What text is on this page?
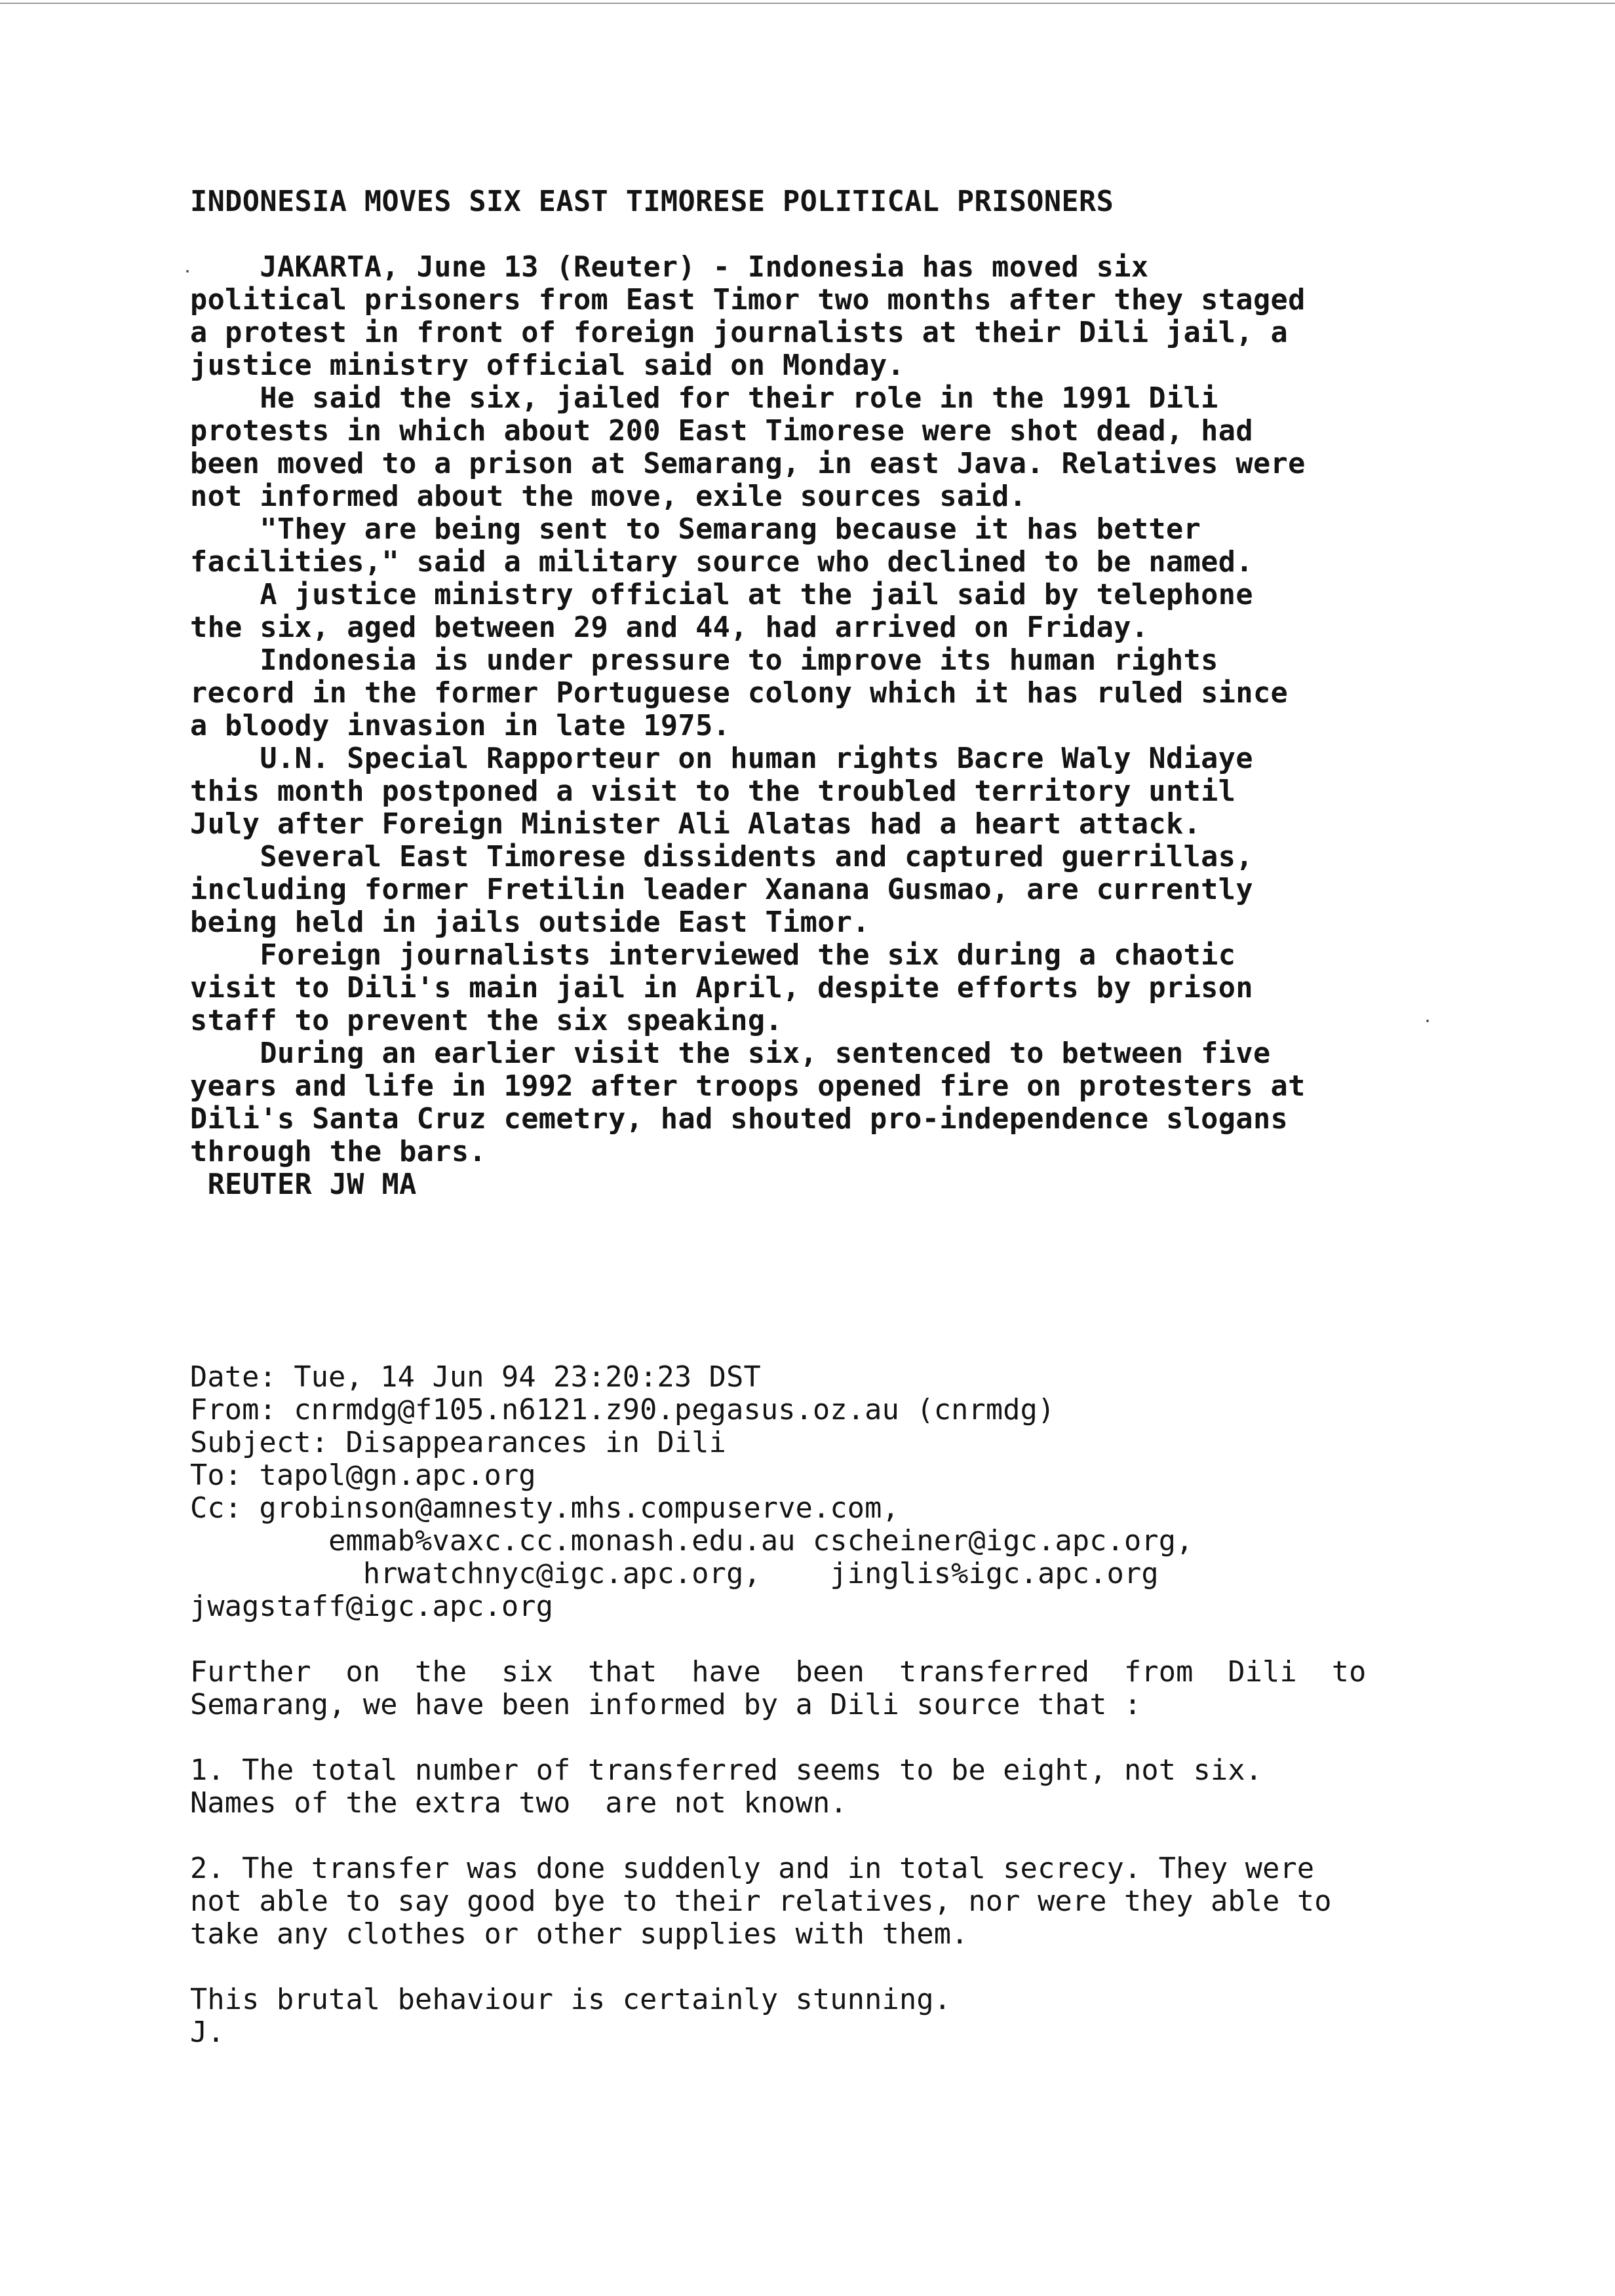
INDONESIA MOVES SIX EAST TIMORESE POLITICAL PRISONERS

JAKARTA, June 13 (Reuter) - Indonesia has moved six

political prisoners from East Timor two months after they staged

a protest in front of foreign journalists at their Dili jail, a

justice ministry official said on Monday.

He said the six, jailed for their role in the 1991 Dili

protests in which about 200 East Timorese were shot dead, had

been moved to a prison at Semarang, in east Java. Relatives were

not informed about the move, exile sources said.

"They are being sent to Semarang because it has better

facilities," said a military source who declined to be named.

A justice ministry official at the jail said by telephone

the six, aged between 29 and 44, had arrived on Friday.

Indonesia is under pressure to improve its human rights

record in the former Portuguese colony which it has ruled since

a bloody invasion in late 1975.

U.N. Special Rapporteur on human rights Bacre Waly Ndiaye

this month postponed a visit to the troubled territory until

July after Foreign Minister Ali Alatas had a heart attack.

Several East Timorese dissidents and captured guerrillas,

including former Fretilin leader Xanana Gusmao, are currently

being held in jails outside East Timor.

Foreign journalists interviewed the six during a chaotic

visit to Dili's main jail in April, despite efforts by prison

staff to prevent the six speaking.

During an earlier visit the six, sentenced to between five

years and life in 1992 after troops opened fire on protesters at

Dili's Santa Cruz cemetry, had shouted pro-independence slogans

through the bars.

REUTER JW MA

Date: Tue, 14 Jun 94 23:20:23 DST

From: cnrmdg@f105.n6121.z90.pegasus.oz.au (cnrmdg)

Subject: Disappearances in Dili

To: tapol@gn.apc.org

Cc: grobinson@amnesty.mhs.compuserve.com,

emmab%vaxc.cc.monash.edu.au cscheiner@igc.apc.org,

hrwatchnyc@igc.apc.org,    jinglis%igc.apc.org

jwagstaff@igc.apc.org

Further  on  the  six  that  have  been  transferred  from  Dili  to

Semarang, we have been informed by a Dili source that :

1. The total number of transferred seems to be eight, not six.

Names of the extra two  are not known.

2. The transfer was done suddenly and in total secrecy. They were

not able to say good bye to their relatives, nor were they able to

take any clothes or other supplies with them.

This brutal behaviour is certainly stunning.

J.
